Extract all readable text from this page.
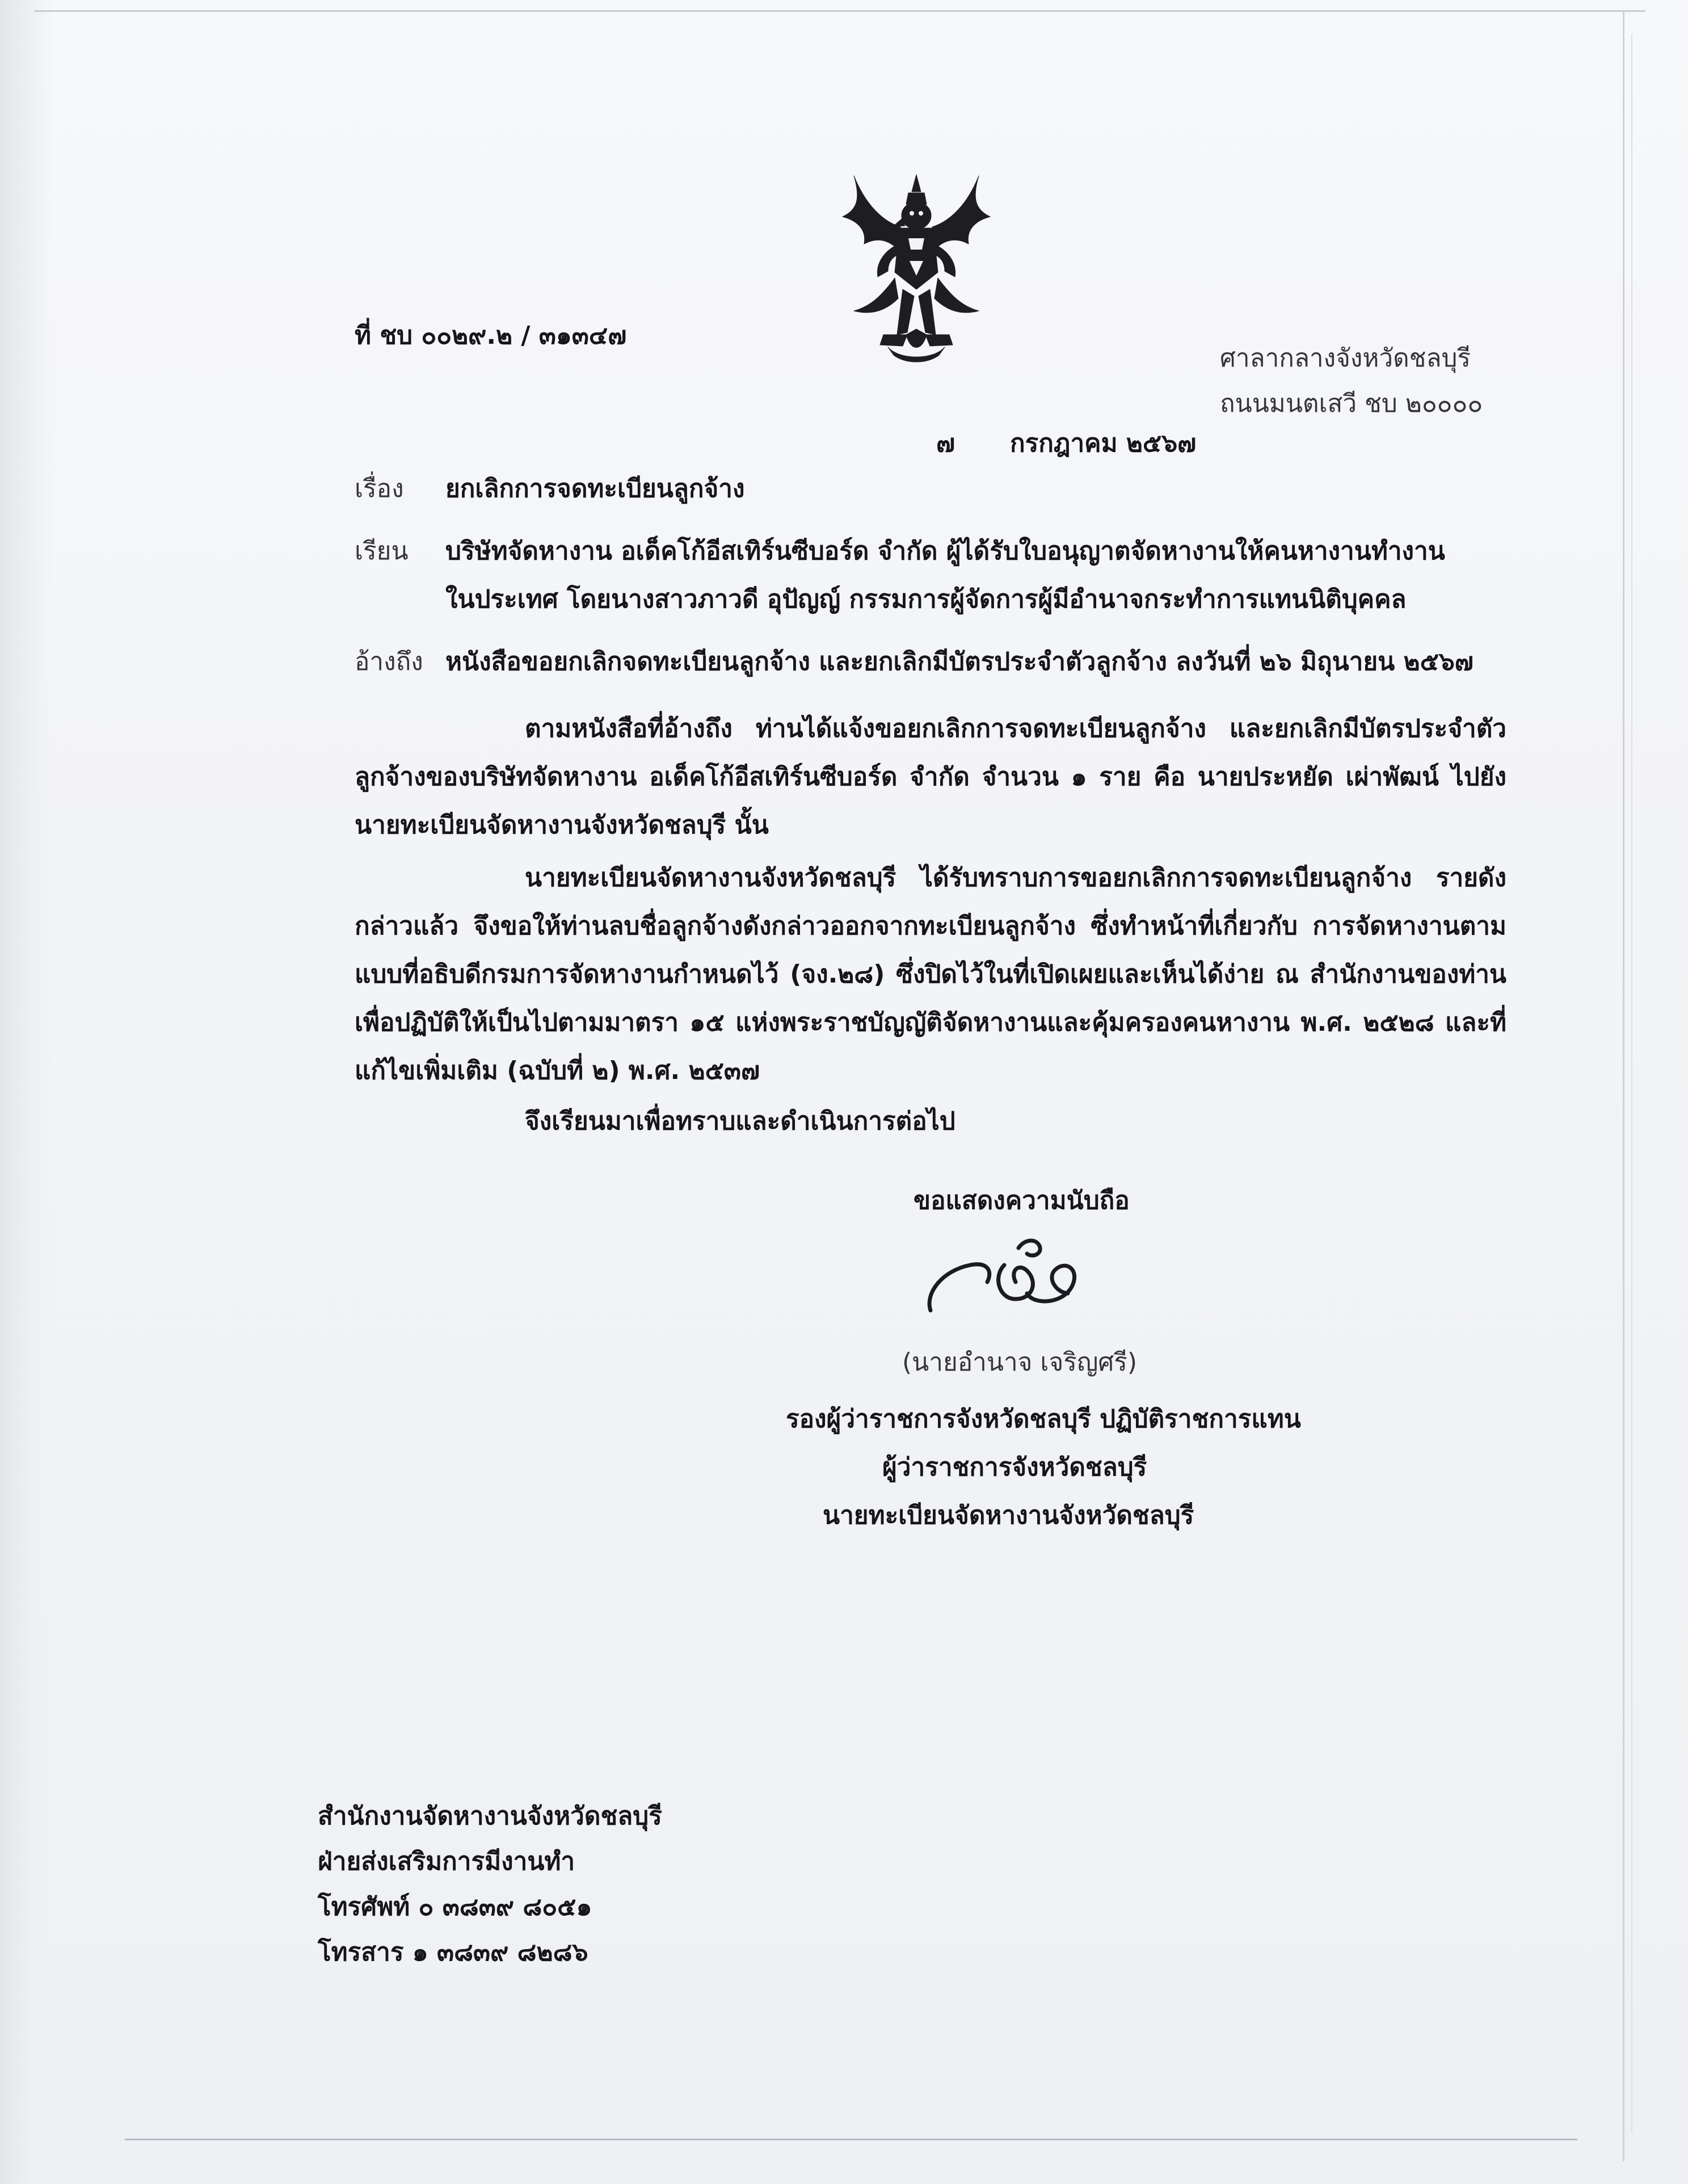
ที่ ชบ ๐๐๒๙.๒ / ๓๑๓๔๗
ศาลากลางจังหวัดชลบุรี
ถนนมนตเสวี ชบ ๒๐๐๐๐
๗ กรกฎาคม ๒๕๖๗
เรื่อง ยกเลิกการจดทะเบียนลูกจ้าง
เรียน บริษัทจัดหางาน อเด็คโก้อีสเทิร์นซีบอร์ด จำกัด ผู้ได้รับใบอนุญาตจัดหางานให้คนหางานทำงาน
ในประเทศ โดยนางสาวภาวดี อุปัญญ์ กรรมการผู้จัดการผู้มีอำนาจกระทำการแทนนิติบุคคล
อ้างถึง หนังสือขอยกเลิกจดทะเบียนลูกจ้าง และยกเลิกมีบัตรประจำตัวลูกจ้าง ลงวันที่ ๒๖ มิถุนายน ๒๕๖๗
ตามหนังสือที่อ้างถึง ท่านได้แจ้งขอยกเลิกการจดทะเบียนลูกจ้าง และยกเลิกมีบัตรประจำตัว ลูกจ้างของบริษัทจัดหางาน อเด็คโก้อีสเทิร์นซีบอร์ด จำกัด จำนวน ๑ ราย คือ นายประหยัด เผ่าพัฒน์ ไปยังนายทะเบียนจัดหางานจังหวัดชลบุรี นั้น
นายทะเบียนจัดหางานจังหวัดชลบุรี ได้รับทราบการขอยกเลิกการจดทะเบียนลูกจ้าง รายดังกล่าวแล้ว จึงขอให้ท่านลบชื่อลูกจ้างดังกล่าวออกจากทะเบียนลูกจ้าง ซึ่งทำหน้าที่เกี่ยวกับ การจัดหางานตามแบบที่อธิบดีกรมการจัดหางานกำหนดไว้ (จง.๒๘) ซึ่งปิดไว้ในที่เปิดเผยและเห็นได้ง่าย ณ สำนักงานของท่านเพื่อปฏิบัติให้เป็นไปตามมาตรา ๑๕ แห่งพระราชบัญญัติจัดหางานและคุ้มครองคนหางาน พ.ศ. ๒๕๒๘ และที่แก้ไขเพิ่มเติม (ฉบับที่ ๒) พ.ศ. ๒๕๓๗
จึงเรียนมาเพื่อทราบและดำเนินการต่อไป
ขอแสดงความนับถือ
(นายอำนาจ เจริญศรี)
รองผู้ว่าราชการจังหวัดชลบุรี ปฏิบัติราชการแทน
ผู้ว่าราชการจังหวัดชลบุรี
นายทะเบียนจัดหางานจังหวัดชลบุรี
สำนักงานจัดหางานจังหวัดชลบุรี
ฝ่ายส่งเสริมการมีงานทำ
โทรศัพท์ ๐ ๓๘๓๙ ๘๐๕๑
โทรสาร ๑ ๓๘๓๙ ๘๒๘๖
